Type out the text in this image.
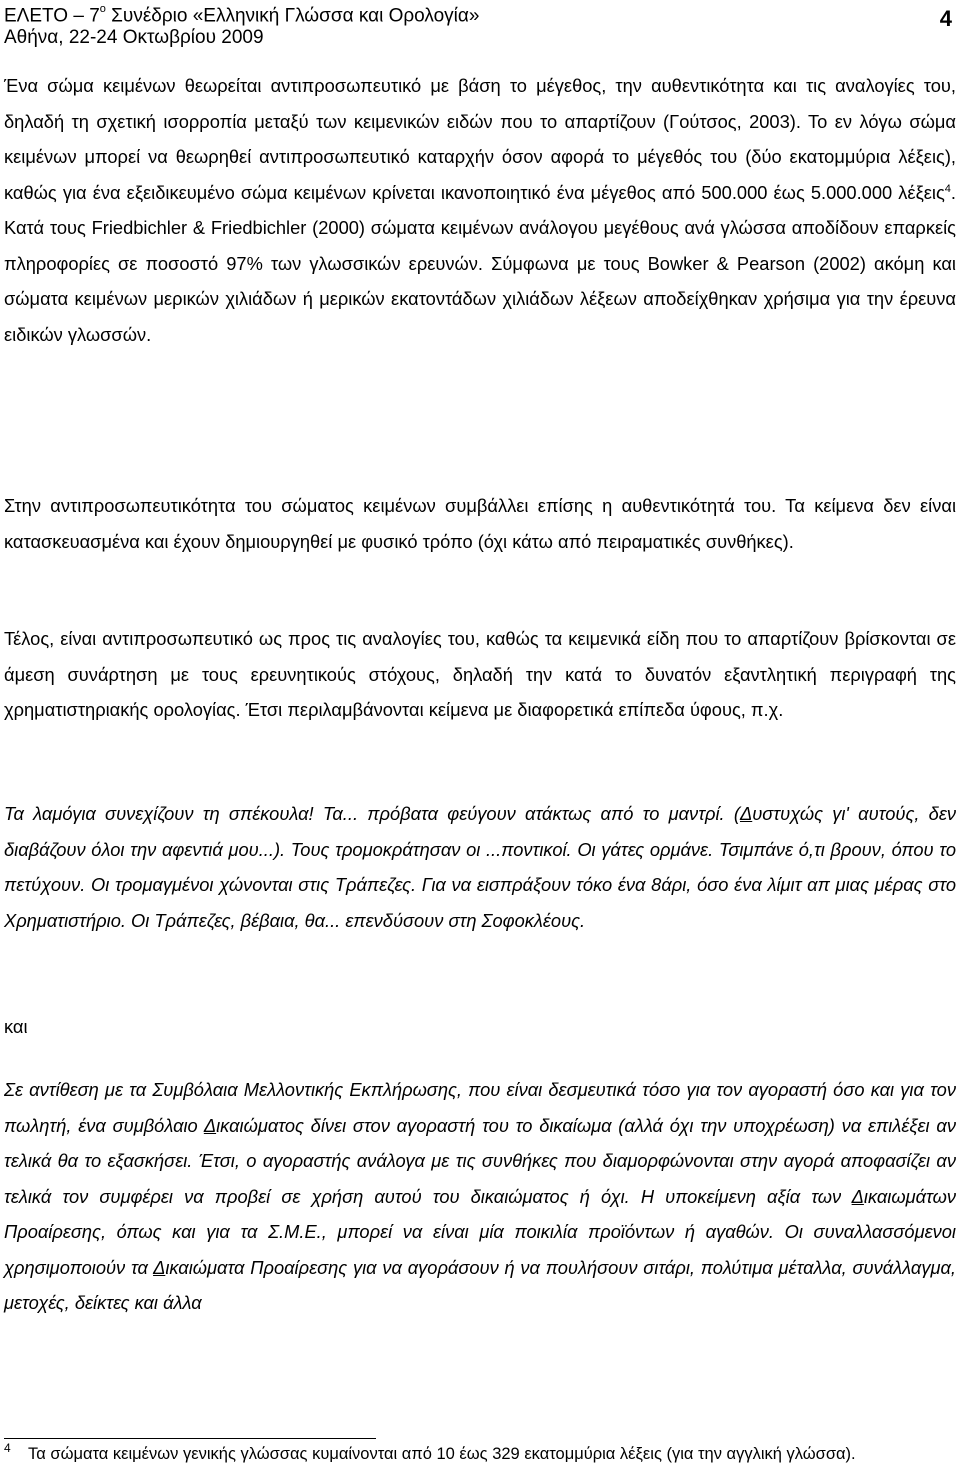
ΕΛΕΤΟ – $7^o$ Συνέδριο «Ελληνική Γλώσσα και Ορολογία»
Αθήνα, 22-24 Οκτωβρίου 2009
4
Ένα σώμα κειμένων θεωρείται αντιπροσωπευτικό με βάση το μέγεθος, την αυθεντικότητα και τις αναλογίες του, δηλαδή τη σχετική ισορροπία μεταξύ των κειμενικών ειδών που το απαρτίζουν (Γούτσος, 2003). Το εν λόγω σώμα κειμένων μπορεί να θεωρηθεί αντιπροσωπευτικό καταρχήν όσον αφορά το μέγεθός του (δύο εκατομμύρια λέξεις), καθώς για ένα εξειδικευμένο σώμα κειμένων κρίνεται ικανοποιητικό ένα μέγεθος από 500.000 έως 5.000.000 λέξεις$^4$. Κατά τους Friedbichler & Friedbichler (2000) σώματα κειμένων ανάλογου μεγέθους ανά γλώσσα αποδίδουν επαρκείς πληροφορίες σε ποσοστό 97% των γλωσσικών ερευνών. Σύμφωνα με τους Bowker & Pearson (2002) ακόμη και σώματα κειμένων μερικών χιλιάδων ή μερικών εκατοντάδων χιλιάδων λέξεων αποδείχθηκαν χρήσιμα για την έρευνα ειδικών γλωσσών.
Στην αντιπροσωπευτικότητα του σώματος κειμένων συμβάλλει επίσης η αυθεντικότητά του. Τα κείμενα δεν είναι κατασκευασμένα και έχουν δημιουργηθεί με φυσικό τρόπο (όχι κάτω από πειραματικές συνθήκες).
Τέλος, είναι αντιπροσωπευτικό ως προς τις αναλογίες του, καθώς τα κειμενικά είδη που το απαρτίζουν βρίσκονται σε άμεση συνάρτηση με τους ερευνητικούς στόχους, δηλαδή την κατά το δυνατόν εξαντλητική περιγραφή της χρηματιστηριακής ορολογίας. Έτσι περιλαμβάνονται κείμενα με διαφορετικά επίπεδα ύφους, π.χ.
Τα λαμόγια συνεχίζουν τη σπέκουλα! Τα... πρόβατα φεύγουν ατάκτως από το μαντρί. (Δυστυχώς γι' αυτούς, δεν διαβάζουν όλοι την αφεντιά μου...). Τους τρομοκράτησαν οι ...ποντικοί. Οι γάτες ορμάνε. Τσιμπάνε ό,τι βρουν, όπου το πετύχουν. Οι τρομαγμένοι χώνονται στις Τράπεζες. Για να εισπράξουν τόκο ένα 8άρι, όσο ένα λίμιτ απ μιας μέρας στο Χρηματιστήριο. Οι Τράπεζες, βέβαια, θα... επενδύσουν στη Σοφοκλέους.
και
Σε αντίθεση με τα Συμβόλαια Μελλοντικής Εκπλήρωσης, που είναι δεσμευτικά τόσο για τον αγοραστή όσο και για τον πωλητή, ένα συμβόλαιο Δικαιώματος δίνει στον αγοραστή του το δικαίωμα (αλλά όχι την υποχρέωση) να επιλέξει αν τελικά θα το εξασκήσει. Έτσι, ο αγοραστής ανάλογα με τις συνθήκες που διαμορφώνονται στην αγορά αποφασίζει αν τελικά τον συμφέρει να προβεί σε χρήση αυτού του δικαιώματος ή όχι. Η υποκείμενη αξία των Δικαιωμάτων Προαίρεσης, όπως και για τα Σ.Μ.Ε., μπορεί να είναι μία ποικιλία προϊόντων ή αγαθών. Οι συναλλασσόμενοι χρησιμοποιούν τα Δικαιώματα Προαίρεσης για να αγοράσουν ή να πουλήσουν σιτάρι, πολύτιμα μέταλλα, συνάλλαγμα, μετοχές, δείκτες και άλλα
4	Τα σώματα κειμένων γενικής γλώσσας κυμαίνονται από 10 έως 329 εκατομμύρια λέξεις (για την αγγλική γλώσσα).
